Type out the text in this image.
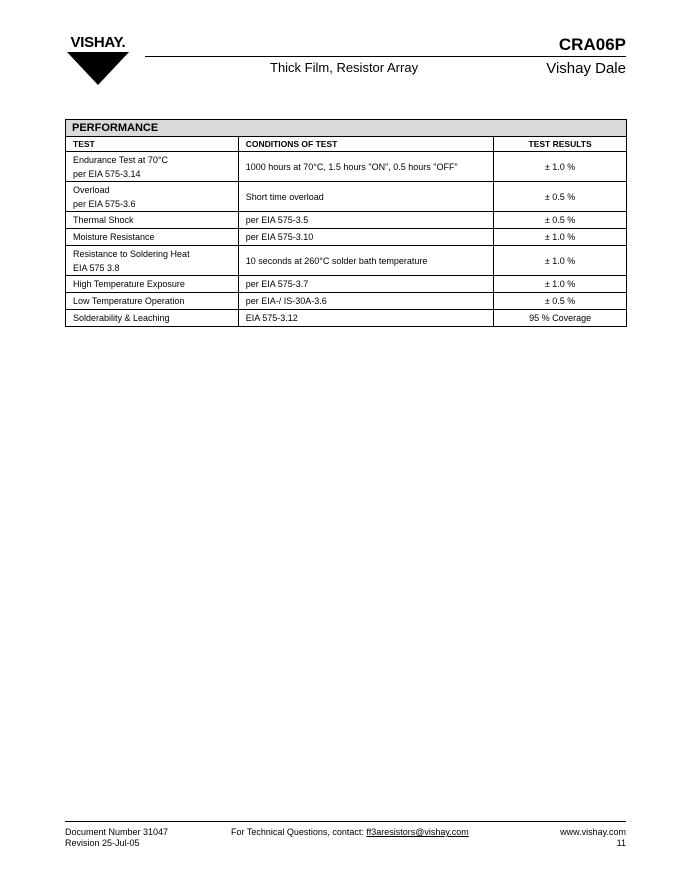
VISHAY.	CRA06P
Vishay Dale
Thick Film, Resistor Array
PERFORMANCE		
TEST	CONDITIONS OF TEST	TEST RESULTS

Endurance Test at 70°C
per EIA 575-3.14	1000 hours at 70°C, 1.5 hours "ON", 0.5 hours "OFF"	± 1.0 %

Overload
per EIA 575-3.6	Short time overload	± 0.5 %
Thermal Shock	per EIA 575-3.5	± 0.5 %
Moisture Resistance	per EIA 575-3.10	± 1.0 %

Resistance to Soldering Heat
EIA 575 3.8	10 seconds at 260°C solder bath temperature	± 1.0 %
High Temperature Exposure	per EIA 575-3.7	± 1.0 %
Low Temperature Operation	per EIA-/ IS-30A-3.6	± 0.5 %
Solderability & Leaching	EIA 575-3.12	95 % Coverage
Document Number 31047
Revision 25-Jul-05
For Technical Questions, contact: ff3aresistors@vishay.com	www.vishay.com
11
